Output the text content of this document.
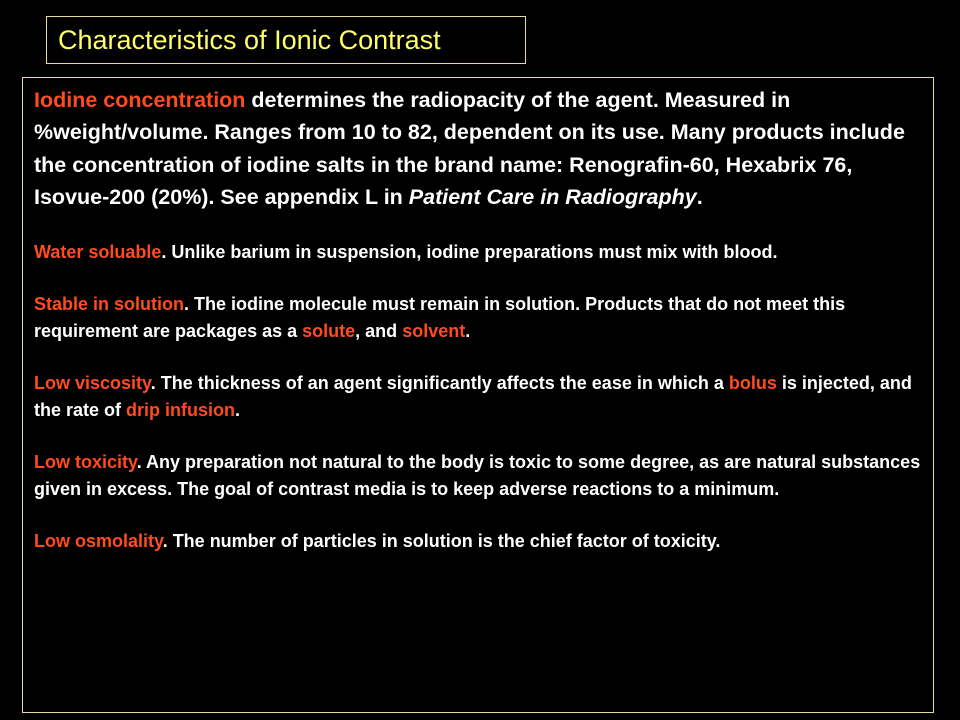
Characteristics of Ionic Contrast

Iodine concentration determines the radiopacity of the agent. Measured in %weight/volume. Ranges from 10 to 82, dependent on its use. Many products include the concentration of iodine salts in the brand name: Renografin-60, Hexabrix 76, Isovue-200 (20%). See appendix L in Patient Care in Radiography.

Water soluable. Unlike barium in suspension, iodine preparations must mix with blood.

Stable in solution. The iodine molecule must remain in solution. Products that do not meet this requirement are packages as a solute, and solvent.

Low viscosity. The thickness of an agent significantly affects the ease in which a bolus is injected, and the rate of drip infusion.

Low toxicity. Any preparation not natural to the body is toxic to some degree, as are natural substances given in excess. The goal of contrast media is to keep adverse reactions to a minimum.

Low osmolality. The number of particles in solution is the chief factor of toxicity.
